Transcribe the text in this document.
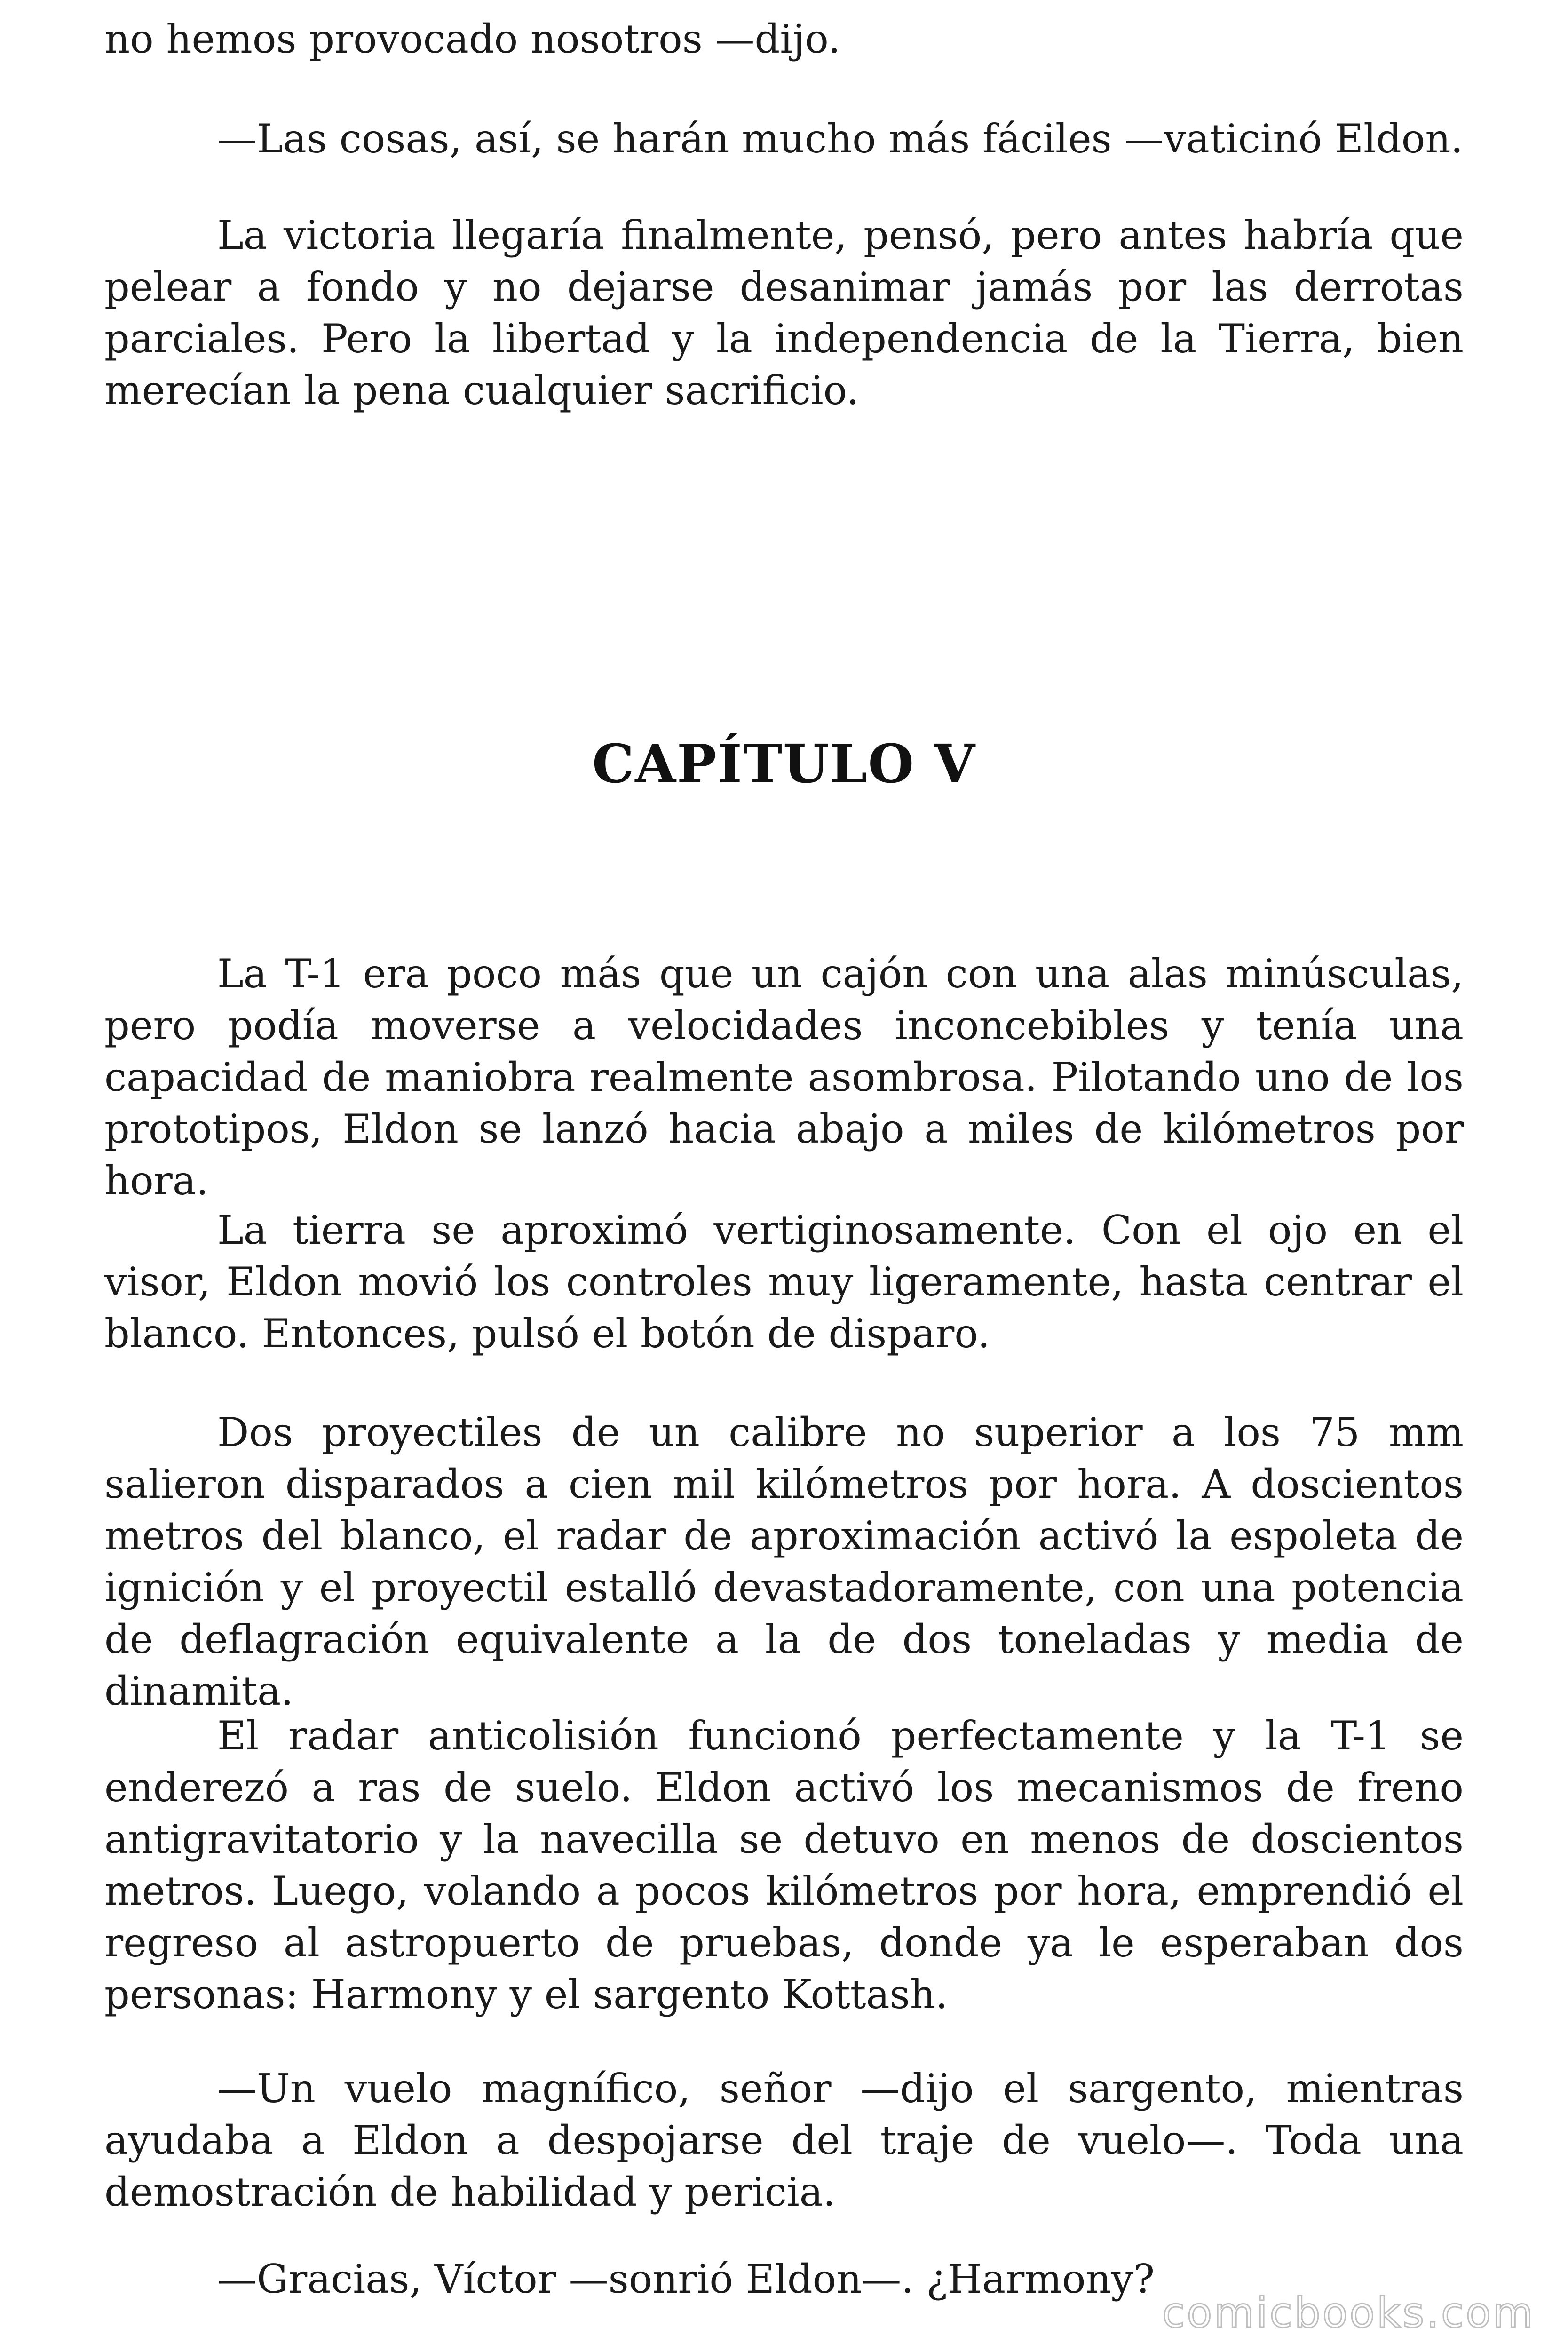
no hemos provocado nosotros —dijo.

—Las cosas, así, se harán mucho más fáciles —vaticinó Eldon.

La victoria llegaría finalmente, pensó, pero antes habría que pelear a fondo y no dejarse desanimar jamás por las derrotas parciales. Pero la libertad y la independencia de la Tierra, bien merecían la pena cualquier sacrificio.

CAPÍTULO V

La T-1 era poco más que un cajón con una alas minúsculas, pero podía moverse a velocidades inconcebibles y tenía una capacidad de maniobra realmente asombrosa. Pilotando uno de los prototipos, Eldon se lanzó hacia abajo a miles de kilómetros por hora.

La tierra se aproximó vertiginosamente. Con el ojo en el visor, Eldon movió los controles muy ligeramente, hasta centrar el blanco. Entonces, pulsó el botón de disparo.

Dos proyectiles de un calibre no superior a los 75 mm salieron disparados a cien mil kilómetros por hora. A doscientos metros del blanco, el radar de aproximación activó la espoleta de ignición y el proyectil estalló devastadoramente, con una potencia de deflagración equivalente a la de dos toneladas y media de dinamita.

El radar anticolisión funcionó perfectamente y la T-1 se enderezó a ras de suelo. Eldon activó los mecanismos de freno antigravitatorio y la navecilla se detuvo en menos de doscientos metros. Luego, volando a pocos kilómetros por hora, emprendió el regreso al astropuerto de pruebas, donde ya le esperaban dos personas: Harmony y el sargento Kottash.

—Un vuelo magnífico, señor —dijo el sargento, mientras ayudaba a Eldon a despojarse del traje de vuelo—. Toda una demostración de habilidad y pericia.

—Gracias, Víctor —sonrió Eldon—. ¿Harmony?

comicbooks.com
